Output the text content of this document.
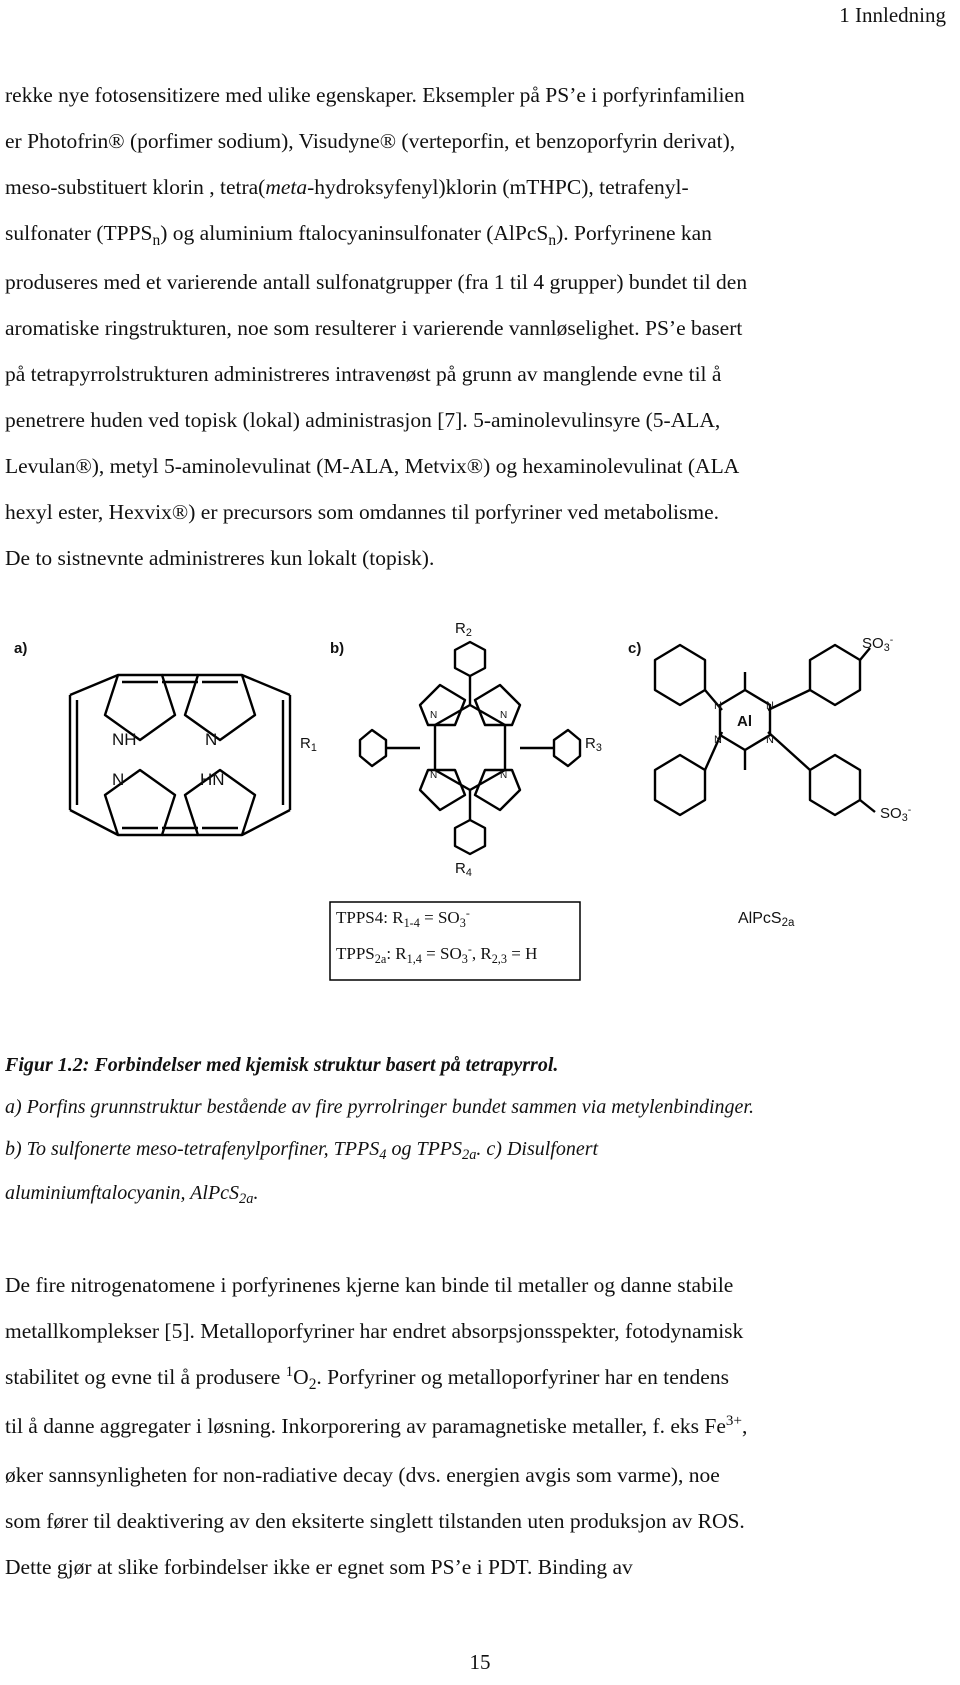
1 Innledning
rekke nye fotosensitizere med ulike egenskaper. Eksempler på PS’e i porfyrinfamilien
er Photofrin® (porfimer sodium), Visudyne® (verteporfin, et benzoporfyrin derivat),
meso-substituert klorin , tetra(meta-hydroksyfenyl)klorin (mTHPC), tetrafenyl-
sulfonater $(TPPS_n)$ og aluminium ftalocyaninsulfonater (AlPcS$_n$). Porfyrinene kan
produseres med et varierende antall sulfonatgrupper (fra 1 til 4 grupper) bundet til den
aromatiske ringstrukturen, noe som resulterer i varierende vannløselighet. PS’e basert
på tetrapyrrolstrukturen administreres intravenøst på grunn av manglende evne til å
penetrere huden ved topisk (lokal) administrasjon [7]. 5-aminolevulinsyre (5-ALA,
Levulan®), metyl 5-aminolevulinat (M-ALA, Metvix®) og hexaminolevulinat (ALA
hexyl ester, Hexvix®) er precursors som omdannes til porfyriner ved metabolisme.
De to sistnevnte administreres kun lokalt (topisk).
a)
NH	N
N	HN
b)
$R_2$
$R_1$	$R_3$
$R_4$
N	N
N	N
TPPS4: $R_{1-4} = SO_3^-$
$TPPS_{2a}$: $R_{1,4} = SO_3^-$, $R_{2,3} = H$
c)
Al
N	N
N	N
$SO_3^-$
$SO_3^-$
AlPcS$_{2a}$
Figur 1.2: Forbindelser med kjemisk struktur basert på tetrapyrrol.
a) Porfins grunnstruktur bestående av fire pyrrolringer bundet sammen via metylenbindinger.
b) To sulfonerte meso-tetrafenylporfiner, $TPPS_4$ og $TPPS_{2a}$. c) Disulfonert
aluminiumftalocyanin, AlPcS$_{2a}$.
De fire nitrogenatomene i porfyrinenes kjerne kan binde til metaller og danne stabile
metallkomplekser [5]. Metalloporfyriner har endret absorpsjonsspekter, fotodynamisk
stabilitet og evne til å produsere $^1O_2$. Porfyriner og metalloporfyriner har en tendens
til å danne aggregater i løsning. Inkorporering av paramagnetiske metaller, f. eks $Fe^{3+}$,
øker sannsynligheten for non-radiative decay (dvs. energien avgis som varme), noe
som fører til deaktivering av den eksiterte singlett tilstanden uten produksjon av ROS.
Dette gjør at slike forbindelser ikke er egnet som PS’e i PDT. Binding av
15
